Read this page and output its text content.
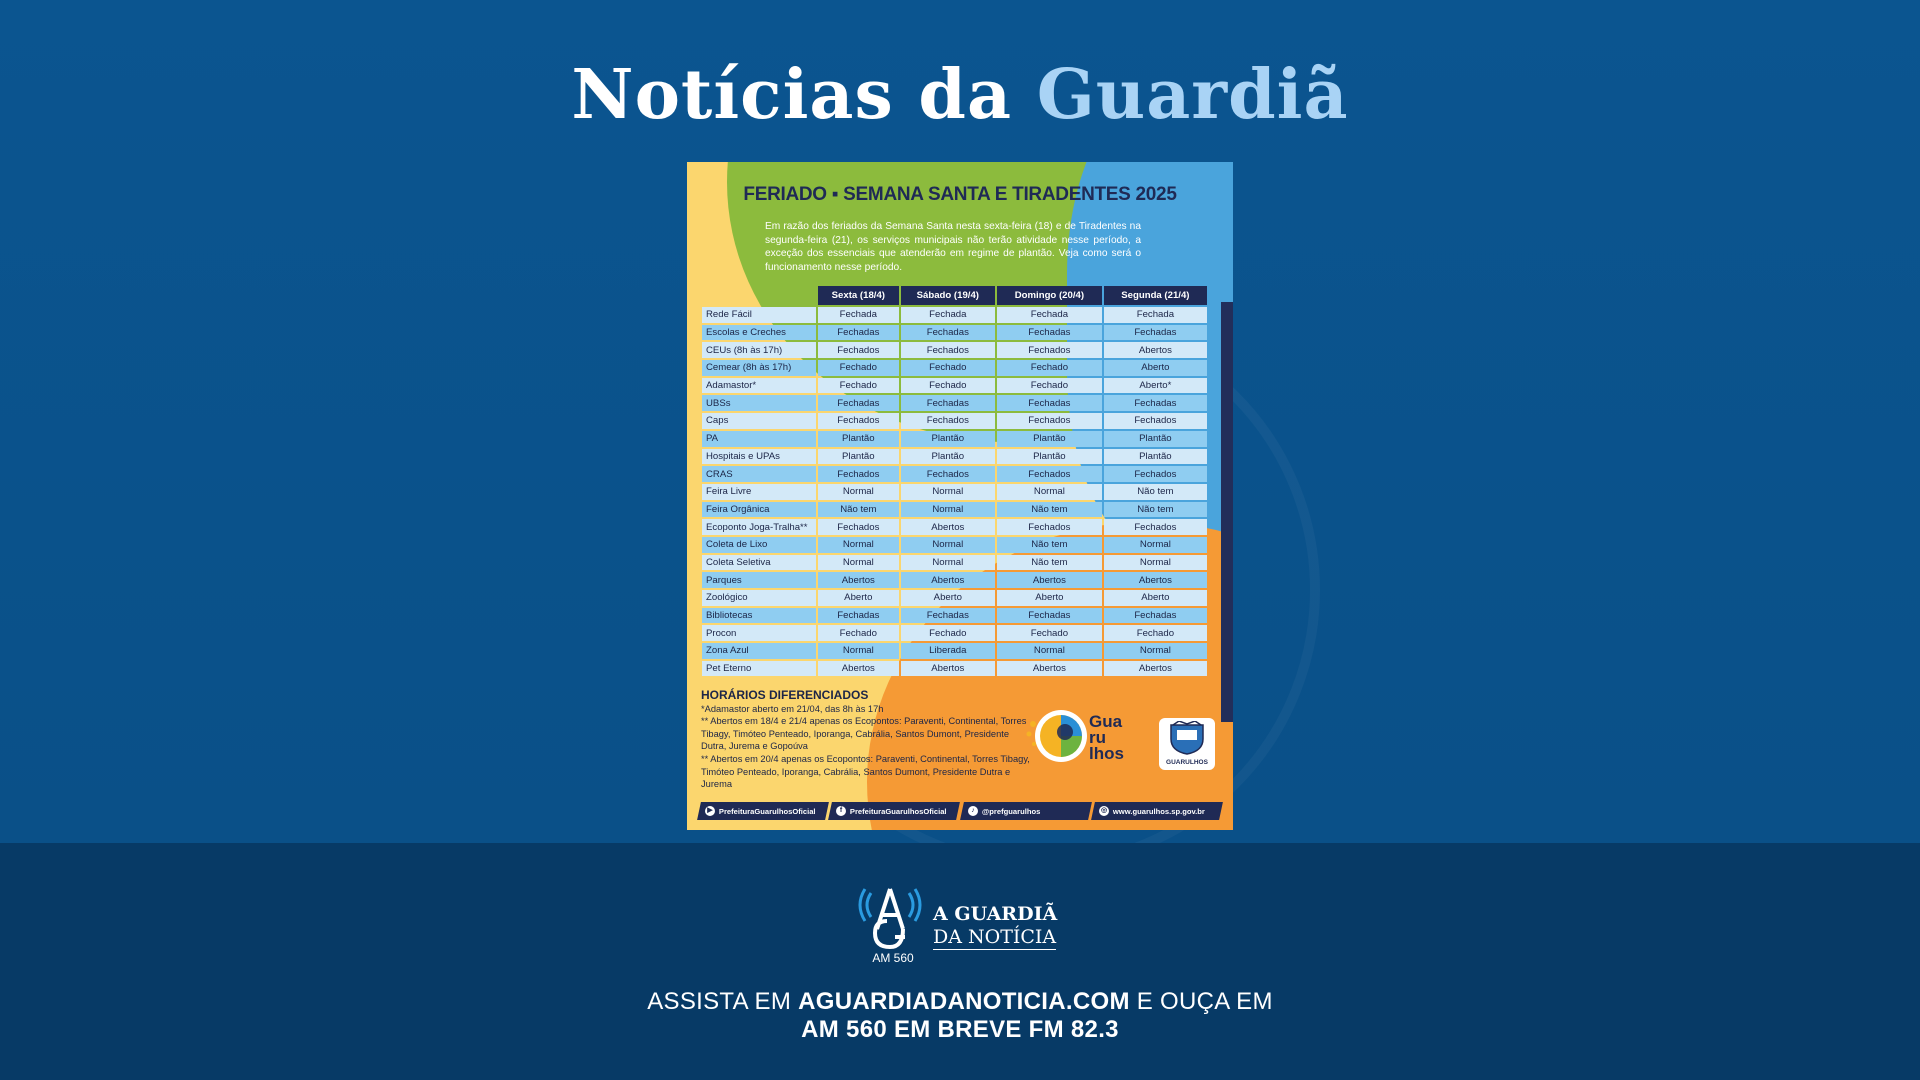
Notícias da Guardiã
FERIADO ▪ SEMANA SANTA E TIRADENTES 2025
Em razão dos feriados da Semana Santa nesta sexta-feira (18) e de Tiradentes na segunda-feira (21), os serviços municipais não terão atividade nesse período, a exceção dos essenciais que atenderão em regime de plantão. Veja como será o funcionamento nesse período.
	Sexta (18/4)	Sábado (19/4)	Domingo (20/4)	Segunda (21/4)
Rede Fácil	Fechada	Fechada	Fechada	Fechada
Escolas e Creches	Fechadas	Fechadas	Fechadas	Fechadas
CEUs (8h às 17h)	Fechados	Fechados	Fechados	Abertos
Cemear (8h às 17h)	Fechado	Fechado	Fechado	Aberto
Adamastor*	Fechado	Fechado	Fechado	Aberto*
UBSs	Fechadas	Fechadas	Fechadas	Fechadas
Caps	Fechados	Fechados	Fechados	Fechados
PA	Plantão	Plantão	Plantão	Plantão
Hospitais e UPAs	Plantão	Plantão	Plantão	Plantão
CRAS	Fechados	Fechados	Fechados	Fechados
Feira Livre	Normal	Normal	Normal	Não tem
Feira Orgânica	Não tem	Normal	Não tem	Não tem
Ecoponto Joga-Tralha**	Fechados	Abertos	Fechados	Fechados
Coleta de Lixo	Normal	Normal	Não tem	Normal
Coleta Seletiva	Normal	Normal	Não tem	Normal
Parques	Abertos	Abertos	Abertos	Abertos
Zoológico	Aberto	Aberto	Aberto	Aberto
Bibliotecas	Fechadas	Fechadas	Fechadas	Fechadas
Procon	Fechado	Fechado	Fechado	Fechado
Zona Azul	Normal	Liberada	Normal	Normal
Pet Eterno	Abertos	Abertos	Abertos	Abertos
HORÁRIOS DIFERENCIADOS
*Adamastor aberto em 21/04, das 8h às 17h
** Abertos em 18/4 e 21/4 apenas os Ecopontos: Paraventi, Continental, Torres Tibagy, Timóteo Penteado, Iporanga, Cabrália, Santos Dumont, Presidente Dutra, Jurema e Gopoúva
** Abertos em 20/4 apenas os Ecopontos: Paraventi, Continental, Torres Tibagy, Timóteo Penteado, Iporanga, Cabrália, Santos Dumont, Presidente Dutra e Jurema
Gua
ru
lhos	GUARULHOS
▶ PrefeituraGuarulhosOficial	f	PrefeituraGuarulhosOficial	♪ @prefguarulhos	◎ www.guarulhos.sp.gov.br
AM 560
A GUARDIÃ
DA NOTÍCIA
ASSISTA EM AGUARDIADANOTICIA.COM E OUÇA EM
AM 560 EM BREVE FM 82.3
